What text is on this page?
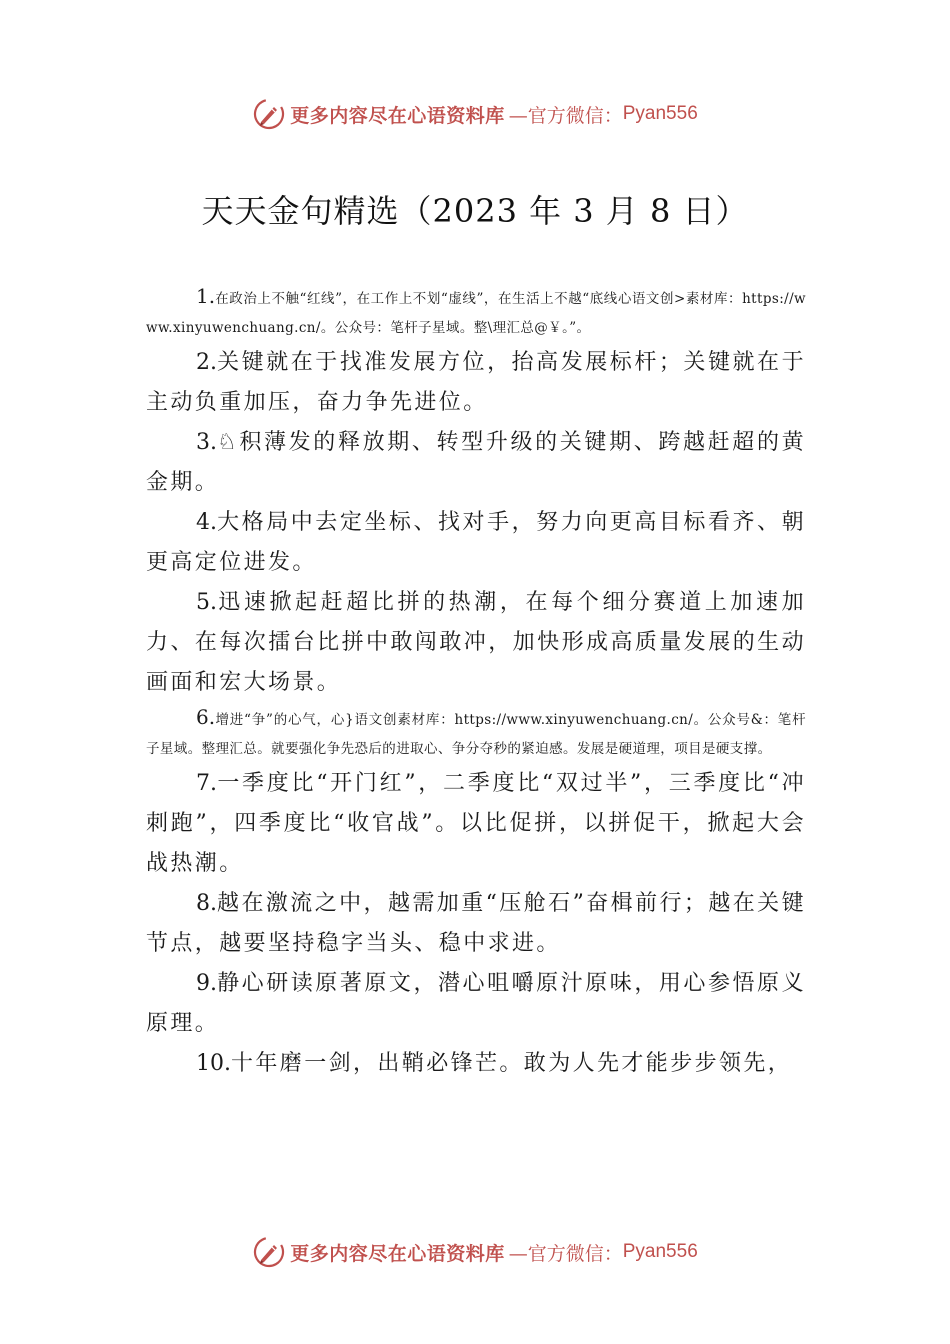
更多内容尽在心语资料库 —官方微信： Pyan556
天天金句精选（2023 年 3 月 8 日）

1.在政治上不触“红线”，在工作上不划“虚线”，在生活上不越“底线心语文创>素材库：https://www.xinyuwenchuang.cn/。公众号：笔杆子星域。整\理汇总@￥。”。

2.关键就在于找准发展方位，抬高发展标杆；关键就在于主动负重加压，奋力争先进位。

3.♘积薄发的释放期、转型升级的关键期、跨越赶超的黄金期。

4.大格局中去定坐标、找对手，努力向更高目标看齐、朝更高定位进发。

5.迅速掀起赶超比拼的热潮，在每个细分赛道上加速加力、在每次擂台比拼中敢闯敢冲，加快形成高质量发展的生动画面和宏大场景。

6.增进“争”的心气，心}语文创素材库：https://www.xinyuwenchuang.cn/。公众号&：笔杆子星域。整理汇总。就要强化争先恐后的进取心、争分夺秒的紧迫感。发展是硬道理，项目是硬支撑。

7.一季度比“开门红”，二季度比“双过半”，三季度比“冲刺跑”，四季度比“收官战”。以比促拼，以拼促干，掀起大会战热潮。

8.越在激流之中，越需加重“压舱石”奋楫前行；越在关键节点，越要坚持稳字当头、稳中求进。

9.静心研读原著原文，潜心咀嚼原汁原味，用心参悟原义原理。

10.十年磨一剑，出鞘必锋芒。敢为人先才能步步领先，

更多内容尽在心语资料库 —官方微信： Pyan556
